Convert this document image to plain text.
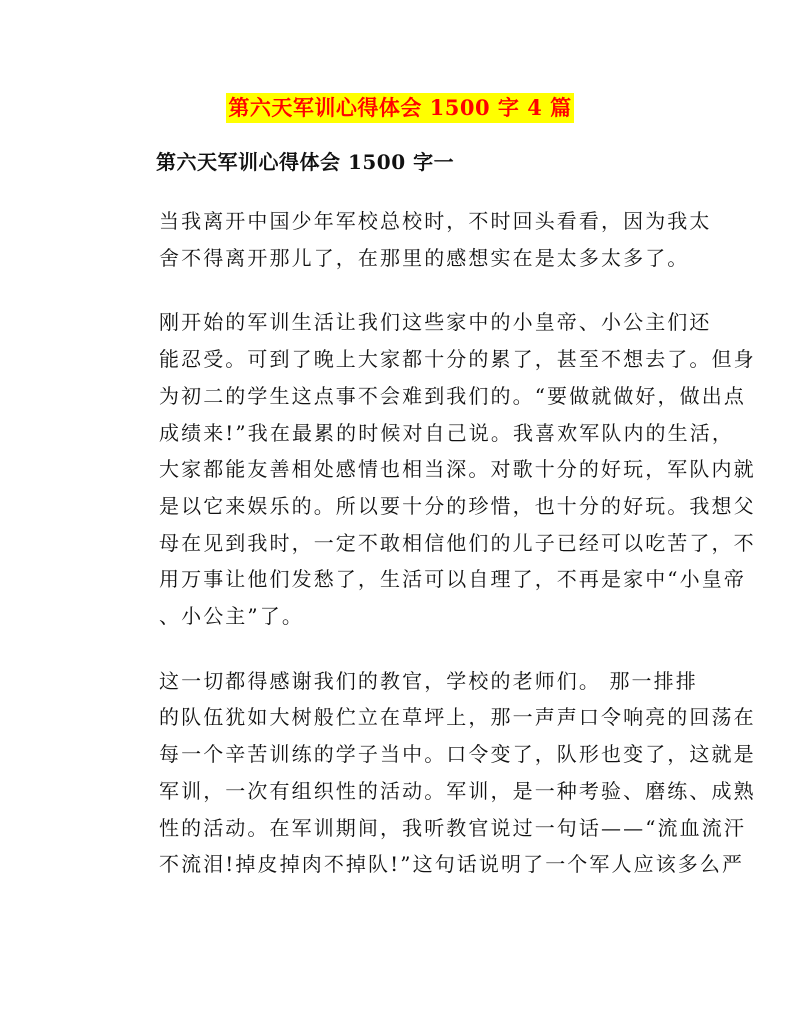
第六天军训心得体会 1500 字 4 篇
第六天军训心得体会 1500 字一

当我离开中国少年军校总校时，不时回头看看，因为我太
舍不得离开那儿了，在那里的感想实在是太多太多了。

刚开始的军训生活让我们这些家中的小皇帝、小公主们还
能忍受。可到了晚上大家都十分的累了，甚至不想去了。但身
为初二的学生这点事不会难到我们的。“要做就做好，做出点
成绩来!”我在最累的时候对自己说。我喜欢军队内的生活，
大家都能友善相处感情也相当深。对歌十分的好玩，军队内就
是以它来娱乐的。所以要十分的珍惜，也十分的好玩。我想父
母在见到我时，一定不敢相信他们的儿子已经可以吃苦了，不
用万事让他们发愁了，生活可以自理了，不再是家中“小皇帝
、小公主”了。

这一切都得感谢我们的教官，学校的老师们。 那一排排
的队伍犹如大树般伫立在草坪上，那一声声口令响亮的回荡在
每一个辛苦训练的学子当中。口令变了，队形也变了，这就是
军训，一次有组织性的活动。军训，是一种考验、磨练、成熟
性的活动。在军训期间，我听教官说过一句话——“流血流汗
不流泪!掉皮掉肉不掉队!”这句话说明了一个军人应该多么严
